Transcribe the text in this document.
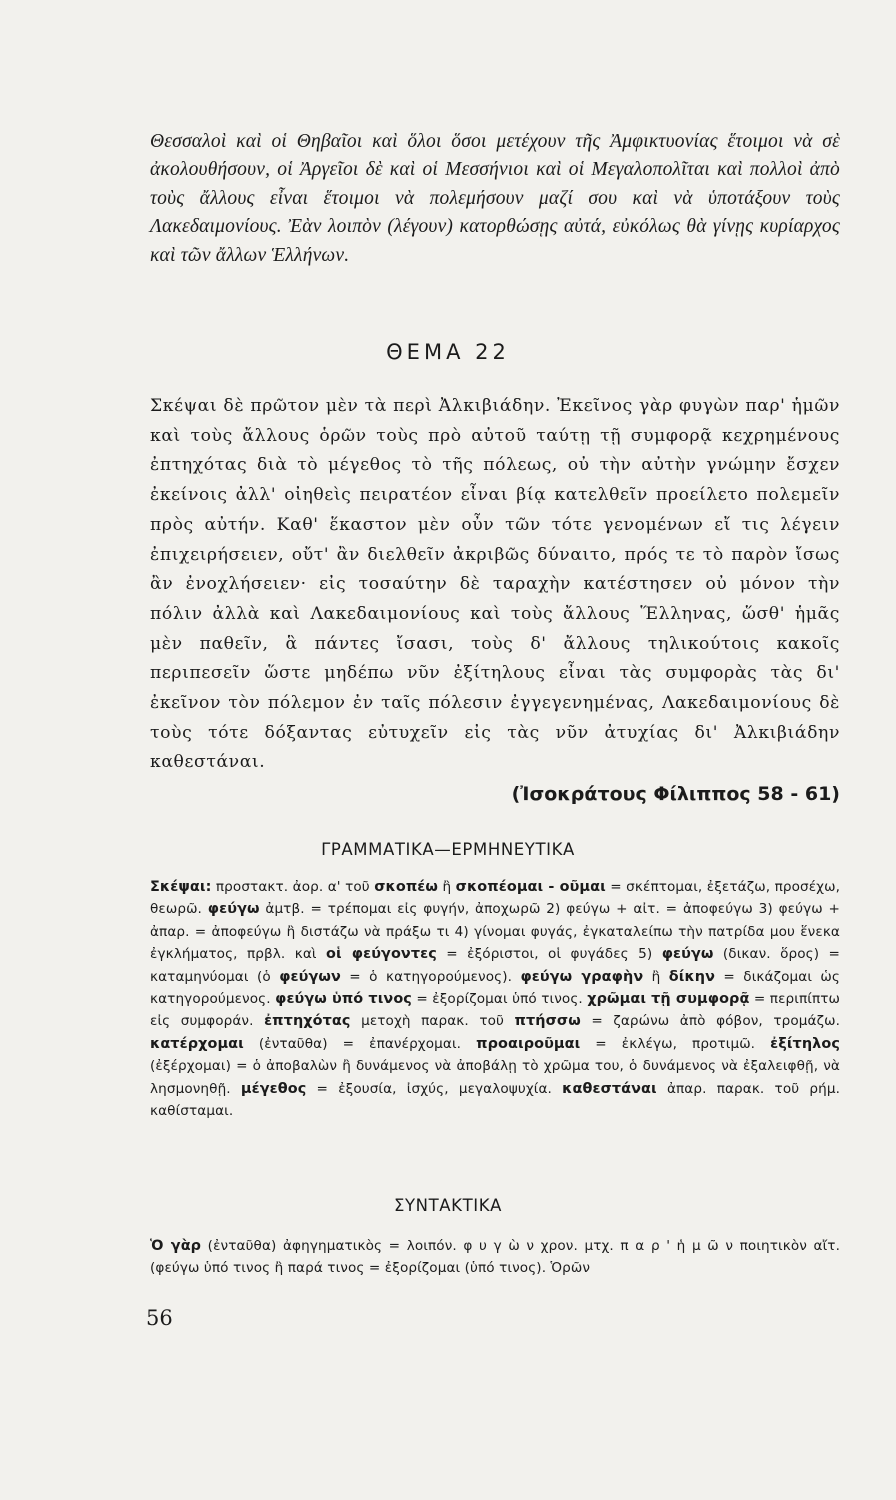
Θεσσαλοὶ καὶ οἱ Θηβαῖοι καὶ ὅλοι ὅσοι μετέχουν τῆς Ἀμφικτυονίας ἕτοιμοι νὰ σὲ ἀκολουθήσουν, οἱ Ἀργεῖοι δὲ καὶ οἱ Μεσσήνιοι καὶ οἱ Μεγαλοπολῖται καὶ πολλοὶ ἀπὸ τοὺς ἄλλους εἶναι ἕτοιμοι νὰ πολεμήσουν μαζί σου καὶ νὰ ὑποτάξουν τοὺς Λακεδαιμονίους. Ἐὰν λοιπὸν (λέγουν) κατορθώσῃς αὐτά, εὐκόλως θὰ γίνῃς κυρίαρχος καὶ τῶν ἄλλων Ἑλλήνων.

ΘΕΜΑ 22

Σκέψαι δὲ πρῶτον μὲν τὰ περὶ Ἀλκιβιάδην. Ἐκεῖνος γὰρ φυγὼν παρ' ἡμῶν καὶ τοὺς ἄλλους ὁρῶν τοὺς πρὸ αὐτοῦ ταύτῃ τῇ συμφορᾷ κεχρημένους ἐπτηχότας διὰ τὸ μέγεθος τὸ τῆς πόλεως, οὐ τὴν αὐτὴν γνώμην ἔσχεν ἐκείνοις ἀλλ' οἰηθεὶς πειρατέον εἶναι βίᾳ κατελθεῖν προείλετο πολεμεῖν πρὸς αὐτήν. Καθ' ἕκαστον μὲν οὖν τῶν τότε γενομένων εἴ τις λέγειν ἐπιχειρήσειεν, οὔτ' ἂν διελθεῖν ἀκριβῶς δύναιτο, πρός τε τὸ παρὸν ἴσως ἂν ἐνοχλήσειεν· εἰς τοσαύτην δὲ ταραχὴν κατέστησεν οὐ μόνον τὴν πόλιν ἀλλὰ καὶ Λακεδαιμονίους καὶ τοὺς ἄλλους Ἕλληνας, ὥσθ' ἡμᾶς μὲν παθεῖν, ἃ πάντες ἴσασι, τοὺς δ' ἄλλους τηλικούτοις κακοῖς περιπεσεῖν ὥστε μηδέπω νῦν ἐξίτηλους εἶναι τὰς συμφορὰς τὰς δι' ἐκεῖνον τὸν πόλεμον ἐν ταῖς πόλεσιν ἐγγεγενημένας, Λακεδαιμονίους δὲ τοὺς τότε δόξαντας εὐτυχεῖν εἰς τὰς νῦν ἀτυχίας δι' Ἀλκιβιάδην καθεστάναι.

(Ἰσοκράτους Φίλιππος 58 - 61)
ΓΡΑΜΜΑΤΙΚΑ—ΕΡΜΗΝΕΥΤΙΚΑ

Σκέψαι: προστακτ. ἀορ. α' τοῦ σκοπέω ἢ σκοπέομαι - οῦμαι = σκέπτομαι, ἐξετάζω, προσέχω, θεωρῶ. φεύγω ἀμτβ. = τρέπομαι εἰς φυγήν, ἀποχωρῶ 2) φεύγω + αἰτ. = ἀποφεύγω 3) φεύγω + ἀπαρ. = ἀποφεύγω ἢ διστάζω νὰ πράξω τι 4) γίνομαι φυγάς, ἐγκαταλείπω τὴν πατρίδα μου ἕνεκα ἐγκλήματος, πρβλ. καὶ οἱ φεύγοντες = ἐξόριστοι, οἱ φυγάδες 5) φεύγω (δικαν. ὅρος) = καταμηνύομαι (ὁ φεύγων = ὁ κατηγορούμενος). φεύγω γραφὴν ἢ δίκην = δικάζομαι ὡς κατηγορούμενος. φεύγω ὑπό τινος = ἐξορίζομαι ὑπό τινος. χρῶμαι τῇ συμφορᾷ = περιπίπτω εἰς συμφοράν. ἐπτηχότας μετοχὴ παρακ. τοῦ πτήσσω = ζαρώνω ἀπὸ φόβον, τρομάζω. κατέρχομαι (ἐνταῦθα) = ἐπανέρχομαι. προαιροῦμαι = ἐκλέγω, προτιμῶ. ἐξίτηλος (ἐξέρχομαι) = ὁ ἀποβαλὼν ἢ δυνάμενος νὰ ἀποβάλῃ τὸ χρῶμα του, ὁ δυνάμενος νὰ ἐξαλειφθῇ, νὰ λησμονηθῇ. μέγεθος = ἐξουσία, ἰσχύς, μεγαλοψυχία. καθεστάναι ἀπαρ. παρακ. τοῦ ρήμ. καθίσταμαι.

ΣΥΝΤΑΚΤΙΚΑ

Ὁ γὰρ (ἐνταῦθα) ἀφηγηματικὸς = λοιπόν. φ υ γ ὼ ν χρον. μτχ. π α ρ ' ἡ μ ῶ ν ποιητικὸν αἴτ. (φεύγω ὑπό τινος ἢ παρά τινος = ἐξορίζομαι (ὑπό τινος). Ὁρῶν

56
